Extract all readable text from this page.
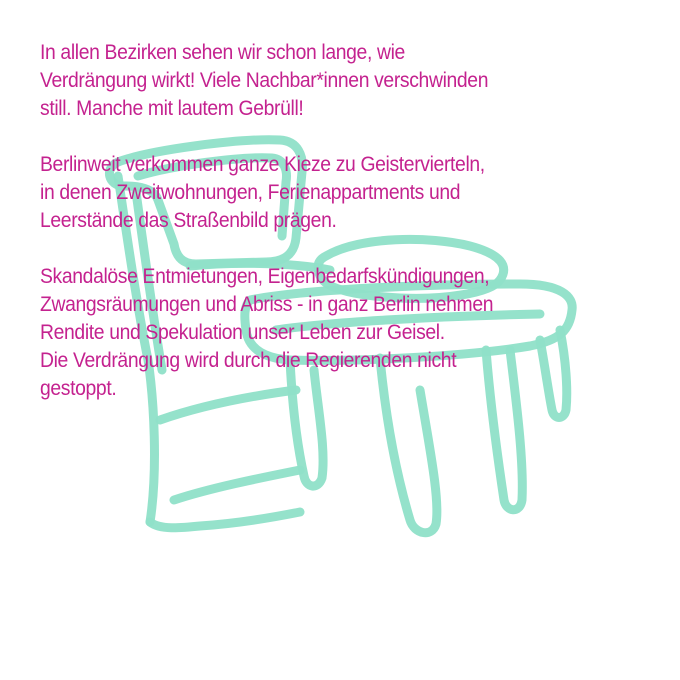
In allen Bezirken sehen wir schon lange, wie
Verdrängung wirkt! Viele Nachbar*innen verschwinden
still. Manche mit lautem Gebrüll!

Berlinweit verkommen ganze Kieze zu Geistervierteln,
in denen Zweitwohnungen, Ferienappartments und
Leerstände das Straßenbild prägen.

Skandalöse Entmietungen, Eigenbedarfskündigungen,
Zwangsräumungen und Abriss - in ganz Berlin nehmen
Rendite und Spekulation unser Leben zur Geisel.
Die Verdrängung wird durch die Regierenden nicht
gestoppt.
